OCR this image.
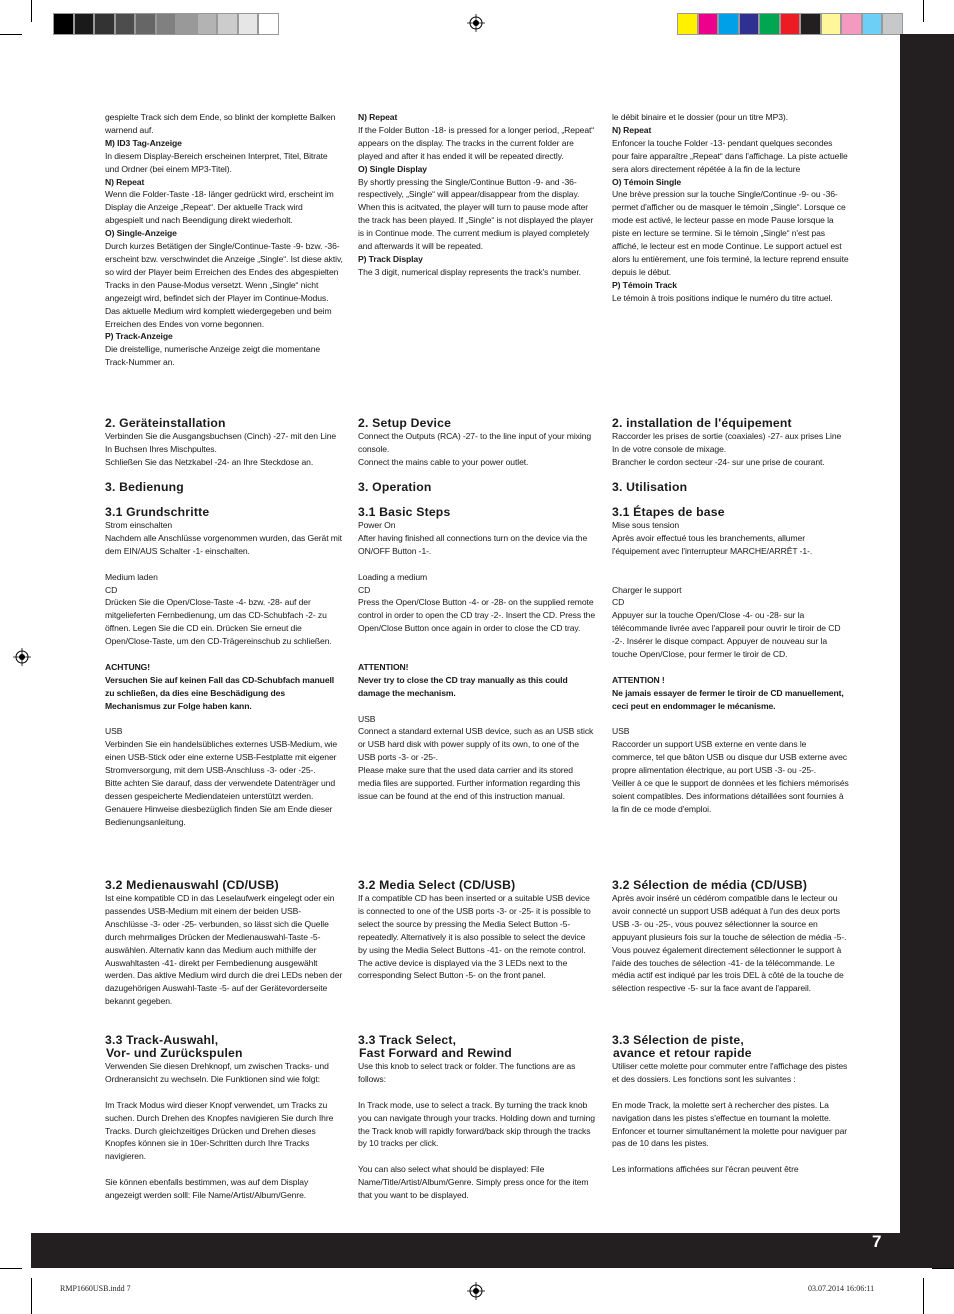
7

gespielte Track sich dem Ende, so blinkt der komplette Balken warnend auf.

M) ID3 Tag-Anzeige

In diesem Display-Bereich erscheinen Interpret, Titel, Bitrate und Ordner (bei einem MP3-Titel).

N) Repeat

Wenn die Folder-Taste -18- länger gedrückt wird, erscheint im Display die Anzeige „Repeat“. Der aktuelle Track wird abgespielt und nach Beendigung direkt wiederholt.

O) Single-Anzeige

Durch kurzes Betätigen der Single/Continue-Taste -9- bzw. -36- erscheint bzw. verschwindet die Anzeige „Single“. Ist diese aktiv, so wird der Player beim Erreichen des Endes des abgespielten Tracks in den Pause-Modus versetzt. Wenn „Single“ nicht angezeigt wird, befindet sich der Player im Continue-Modus. Das aktuelle Medium wird komplett wiedergegeben und beim Erreichen des Endes von vorne begonnen.

P) Track-Anzeige

Die dreistellige, numerische Anzeige zeigt die momentane Track-Nummer an.

N) Repeat

If the Folder Button -18- is pressed for a longer period, „Repeat“ appears on the display. The tracks in the current folder are played and after it has ended it will be repeated directly.

O) Single Display

By shortly pressing the Single/Continue Button -9- and -36- respectively, „Single“ will appear/disappear from the display. When this is acitvated, the player will turn to pause mode after the track has been played. If „Single“ is not displayed the player is in Continue mode. The current medium is played completely and afterwards it will be repeated.

P) Track Display

The 3 digit, numerical display represents the track's number.

le débit binaire et le dossier (pour un titre MP3).

N) Repeat

Enfoncer la touche Folder -13- pendant quelques secondes pour faire apparaître „Repeat“ dans l'affichage. La piste actuelle sera alors directement répétée à la fin de la lecture

O) Témoin Single

Une brève pression sur la touche Single/Continue -9- ou -36- permet d'afficher ou de masquer le témoin „Single“. Lorsque ce mode est activé, le lecteur passe en mode Pause lorsque la piste en lecture se termine. Si le témoin „Single“ n'est pas affiché, le lecteur est en mode Continue. Le support actuel est alors lu entièrement, une fois terminé, la lecture reprend ensuite depuis le début.

P) Témoin Track

Le témoin à trois positions indique le numéro du titre actuel.

2. Geräteinstallation

Verbinden Sie die Ausgangsbuchsen (Cinch) -27- mit den Line In Buchsen Ihres Mischpultes.

Schließen Sie das Netzkabel -24- an Ihre Steckdose an.

2. Setup Device

Connect the Outputs (RCA) -27- to the line input of your mixing console.

Connect the mains cable to your power outlet.

2. installation de l'équipement

Raccorder les prises de sortie (coaxiales) -27- aux prises Line In de votre console de mixage.

Brancher le cordon secteur -24- sur une prise de courant.

3. Bedienung

3.1 Grundschritte

Strom einschalten

Nachdem alle Anschlüsse vorgenommen wurden, das Gerät mit dem EIN/AUS Schalter -1- einschalten.

Medium laden

CD

Drücken Sie die Open/Close-Taste -4- bzw. -28- auf der mitgelieferten Fernbedienung, um das CD-Schubfach -2- zu öffnen. Legen Sie die CD ein. Drücken Sie erneut die Open/Close-Taste, um den CD-Trägereinschub zu schließen.

ACHTUNG!

Versuchen Sie auf keinen Fall das CD-Schubfach manuell zu schließen, da dies eine Beschädigung des Mechanismus zur Folge haben kann.

USB

Verbinden Sie ein handelsübliches externes USB-Medium, wie einen USB-Stick oder eine externe USB-Festplatte mit eigener Stromversorgung, mit dem USB-Anschluss -3- oder -25-.

Bitte achten Sie darauf, dass der verwendete Datenträger und dessen gespeicherte Mediendateien unterstützt werden. Genauere Hinweise diesbezüglich finden Sie am Ende dieser Bedienungsanleitung.

3. Operation

3.1 Basic Steps

Power On

After having finished all connections turn on the device via the ON/OFF Button -1-.

Loading a medium

CD

Press the Open/Close Button -4- or -28- on the supplied remote control in order to open the CD tray -2-. Insert the CD. Press the Open/Close Button once again in order to close the CD tray.

ATTENTION!

Never try to close the CD tray manually as this could damage the mechanism.

USB

Connect a standard external USB device, such as an USB stick or USB hard disk with power supply of its own, to one of the USB ports -3- or -25-.

Please make sure that the used data carrier and its stored media files are supported. Further information regarding this issue can be found at the end of this instruction manual.

3. Utilisation

3.1 Étapes de base

Mise sous tension

Après avoir effectué tous les branchements, allumer l'équipement avec l'interrupteur MARCHE/ARRÊT -1-.

Charger le support

CD

Appuyer sur la touche Open/Close -4- ou -28- sur la télécommande livrée avec l'appareil pour ouvrir le tiroir de CD -2-. Insérer le disque compact. Appuyer de nouveau sur la touche Open/Close, pour fermer le tiroir de CD.

ATTENTION !

Ne jamais essayer de fermer le tiroir de CD manuellement, ceci peut en endommager le mécanisme.

USB

Raccorder un support USB externe en vente dans le commerce, tel que bâton USB ou disque dur USB externe avec propre alimentation électrique, au port USB -3- ou -25-.

Veiller à ce que le support de données et les fichiers mémorisés soient compatibles. Des informations détaillées sont fournies à la fin de ce mode d'emploi.

3.2 Medienauswahl (CD/USB)

Ist eine kompatible CD in das Leselaufwerk eingelegt oder ein passendes USB-Medium mit einem der beiden USB-Anschlüsse -3- oder -25- verbunden, so lässt sich die Quelle durch mehrmaliges Drücken der Medienauswahl-Taste -5- auswählen. Alternativ kann das Medium auch mithilfe der Auswahltasten -41- direkt per Fernbedienung ausgewählt werden. Das aktive Medium wird durch die drei LEDs neben der dazugehörigen Auswahl-Taste -5- auf der Gerätevorderseite bekannt gegeben.

3.2 Media Select (CD/USB)

If a compatible CD has been inserted or a suitable USB device is connected to one of the USB ports -3- or -25- it is possible to select the source by pressing the Media Select Button -5- repeatedly. Alternatively it is also possible to select the device by using the Media Select Buttons -41- on the remote control. The active device is displayed via the 3 LEDs next to the corresponding Select Button -5- on the front panel.

3.2 Sélection de média (CD/USB)

Après avoir inséré un cédérom compatible dans le lecteur ou avoir connecté un support USB adéquat à l'un des deux ports USB -3- ou -25-, vous pouvez sélectionner la source en appuyant plusieurs fois sur la touche de sélection de média -5-. Vous pouvez également directement sélectionner le support à l'aide des touches de sélection -41- de la télécommande. Le média actif est indiqué par les trois DEL à côté de la touche de sélection respective -5- sur la face avant de l'appareil.

3.3 Track-Auswahl,

Vor- und Zurückspulen

Verwenden Sie diesen Drehknopf, um zwischen Tracks- und Ordneransicht zu wechseln. Die Funktionen sind wie folgt:

Im Track Modus wird dieser Knopf verwendet, um Tracks zu suchen. Durch Drehen des Knopfes navigieren Sie durch Ihre Tracks. Durch gleichzeitiges Drücken und Drehen dieses Knopfes können sie in 10er-Schritten durch Ihre Tracks navigieren.

Sie können ebenfalls bestimmen, was auf dem Display angezeigt werden solll: File Name/Artist/Album/Genre.

3.3 Track Select,

Fast Forward and Rewind

Use this knob to select track or folder. The functions are as follows:

In Track mode, use to select a track. By turning the track knob you can navigate through your tracks. Holding down and turning the Track knob will rapidly forward/back skip through the tracks by 10 tracks per click.

You can also select what should be displayed: File Name/Title/Artist/Album/Genre. Simply press once for the item that you want to be displayed.

3.3 Sélection de piste,

avance et retour rapide

Utiliser cette molette pour commuter entre l'affichage des pistes et des dossiers. Les fonctions sont les suivantes :

En mode Track, la molette sert à rechercher des pistes. La navigation dans les pistes s'effectue en tournant la molette. Enfoncer et tourner simultanément la molette pour naviguer par pas de 10 dans les pistes.

Les informations affichées sur l'écran peuvent être

RMP1660USB.indd 7	03.07.2014 16:06:11
